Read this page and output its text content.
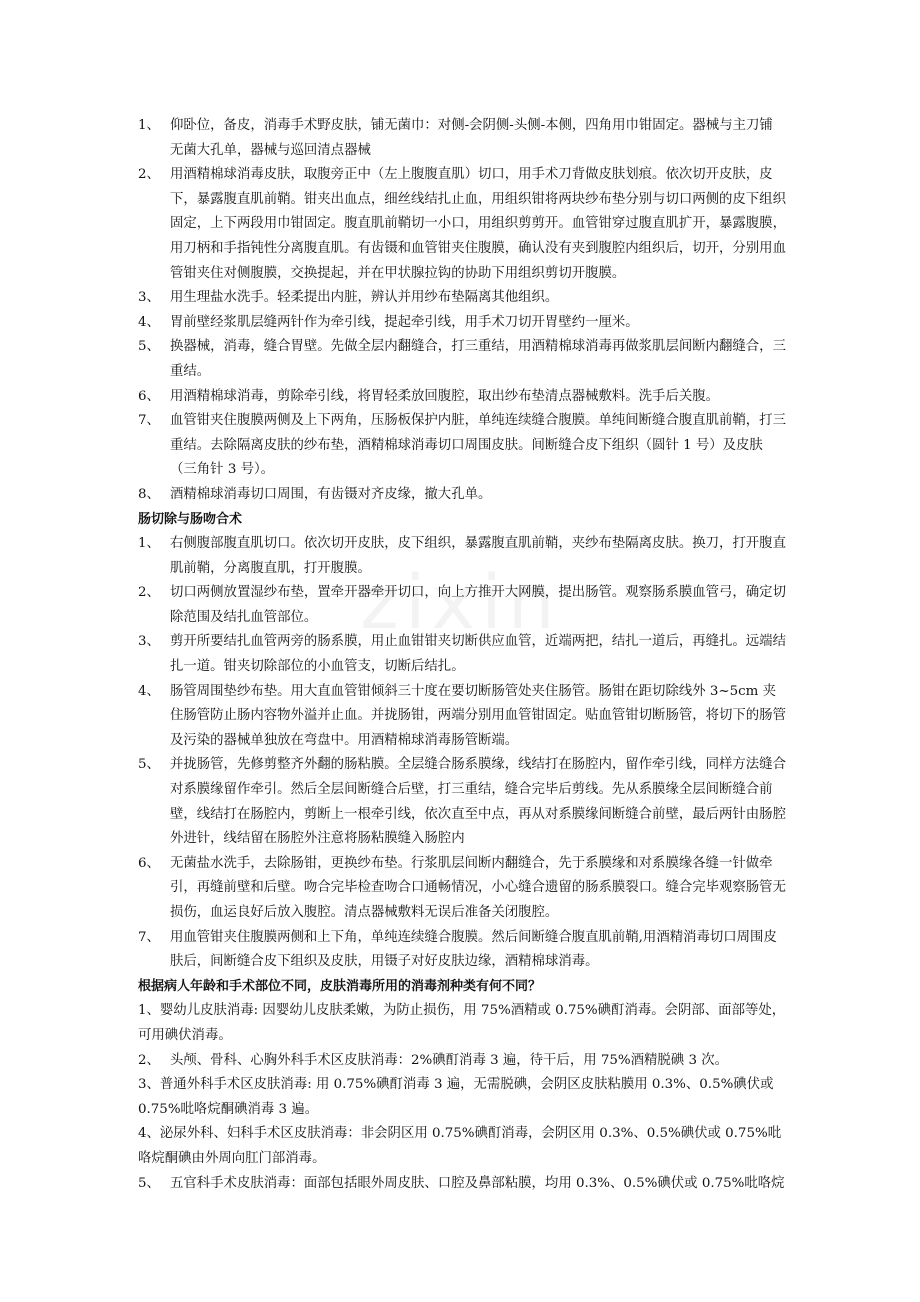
1、 仰卧位，备皮，消毒手术野皮肤，铺无菌巾：对侧-会阴侧-头侧-本侧，四角用巾钳固定。器械与主刀铺无菌大孔单，器械与巡回清点器械
2、 用酒精棉球消毒皮肤，取腹旁正中（左上腹腹直肌）切口，用手术刀背做皮肤划痕。依次切开皮肤，皮下，暴露腹直肌前鞘。钳夹出血点，细丝线结扎止血，用组织钳将两块纱布垫分别与切口两侧的皮下组织固定，上下两段用巾钳固定。腹直肌前鞘切一小口，用组织剪剪开。血管钳穿过腹直肌扩开，暴露腹膜，用刀柄和手指钝性分离腹直肌。有齿镊和血管钳夹住腹膜，确认没有夹到腹腔内组织后，切开，分别用血管钳夹住对侧腹膜，交换提起，并在甲状腺拉钩的协助下用组织剪切开腹膜。
3、 用生理盐水洗手。轻柔提出内脏，辨认并用纱布垫隔离其他组织。
4、 胃前壁经浆肌层缝两针作为牵引线，提起牵引线，用手术刀切开胃壁约一厘米。
5、 换器械，消毒，缝合胃壁。先做全层内翻缝合，打三重结，用酒精棉球消毒再做浆肌层间断内翻缝合，三重结。
6、 用酒精棉球消毒，剪除牵引线，将胃轻柔放回腹腔，取出纱布垫清点器械敷料。洗手后关腹。
7、 血管钳夹住腹膜两侧及上下两角，压肠板保护内脏，单纯连续缝合腹膜。单纯间断缝合腹直肌前鞘，打三重结。去除隔离皮肤的纱布垫，酒精棉球消毒切口周围皮肤。间断缝合皮下组织（圆针 1 号）及皮肤（三角针 3 号）。
8、 酒精棉球消毒切口周围，有齿镊对齐皮缘，撤大孔单。
肠切除与肠吻合术
1、 右侧腹部腹直肌切口。依次切开皮肤，皮下组织，暴露腹直肌前鞘，夹纱布垫隔离皮肤。换刀，打开腹直肌前鞘，分离腹直肌，打开腹膜。
2、 切口两侧放置湿纱布垫，置牵开器牵开切口，向上方推开大网膜，提出肠管。观察肠系膜血管弓，确定切除范围及结扎血管部位。
3、 剪开所要结扎血管两旁的肠系膜，用止血钳钳夹切断供应血管，近端两把，结扎一道后，再缝扎。远端结扎一道。钳夹切除部位的小血管支，切断后结扎。
4、 肠管周围垫纱布垫。用大直血管钳倾斜三十度在要切断肠管处夹住肠管。肠钳在距切除线外 3~5cm 夹住肠管防止肠内容物外溢并止血。并拢肠钳，两端分别用血管钳固定。贴血管钳切断肠管，将切下的肠管及污染的器械单独放在弯盘中。用酒精棉球消毒肠管断端。
5、 并拢肠管，先修剪整齐外翻的肠粘膜。全层缝合肠系膜缘，线结打在肠腔内，留作牵引线，同样方法缝合对系膜缘留作牵引。然后全层间断缝合后壁，打三重结，缝合完毕后剪线。先从系膜缘全层间断缝合前壁，线结打在肠腔内，剪断上一根牵引线，依次直至中点，再从对系膜缘间断缝合前壁，最后两针由肠腔外进针，线结留在肠腔外注意将肠粘膜缝入肠腔内
6、 无菌盐水洗手，去除肠钳，更换纱布垫。行浆肌层间断内翻缝合，先于系膜缘和对系膜缘各缝一针做牵引，再缝前壁和后壁。吻合完毕检查吻合口通畅情况，小心缝合遗留的肠系膜裂口。缝合完毕观察肠管无损伤，血运良好后放入腹腔。清点器械敷料无误后准备关闭腹腔。
7、 用血管钳夹住腹膜两侧和上下角，单纯连续缝合腹膜。然后间断缝合腹直肌前鞘,用酒精消毒切口周围皮肤后，间断缝合皮下组织及皮肤，用镊子对好皮肤边缘，酒精棉球消毒。
根据病人年龄和手术部位不同，皮肤消毒所用的消毒剂种类有何不同？
1、婴幼儿皮肤消毒: 因婴幼儿皮肤柔嫩，为防止损伤，用 75%酒精或 0.75%碘酊消毒。会阴部、面部等处，可用碘伏消毒。
2、 头颅、骨科、心胸外科手术区皮肤消毒：2%碘酊消毒 3 遍，待干后，用 75%酒精脱碘 3 次。
3、普通外科手术区皮肤消毒: 用 0.75%碘酊消毒 3 遍，无需脱碘，会阴区皮肤粘膜用 0.3%、0.5%碘伏或 0.75%吡咯烷酮碘消毒 3 遍。
4、泌尿外科、妇科手术区皮肤消毒：非会阴区用 0.75%碘酊消毒，会阴区用 0.3%、0.5%碘伏或 0.75%吡咯烷酮碘由外周向肛门部消毒。
5、 五官科手术皮肤消毒：面部包括眼外周皮肤、口腔及鼻部粘膜，均用 0.3%、0.5%碘伏或 0.75%吡咯烷
